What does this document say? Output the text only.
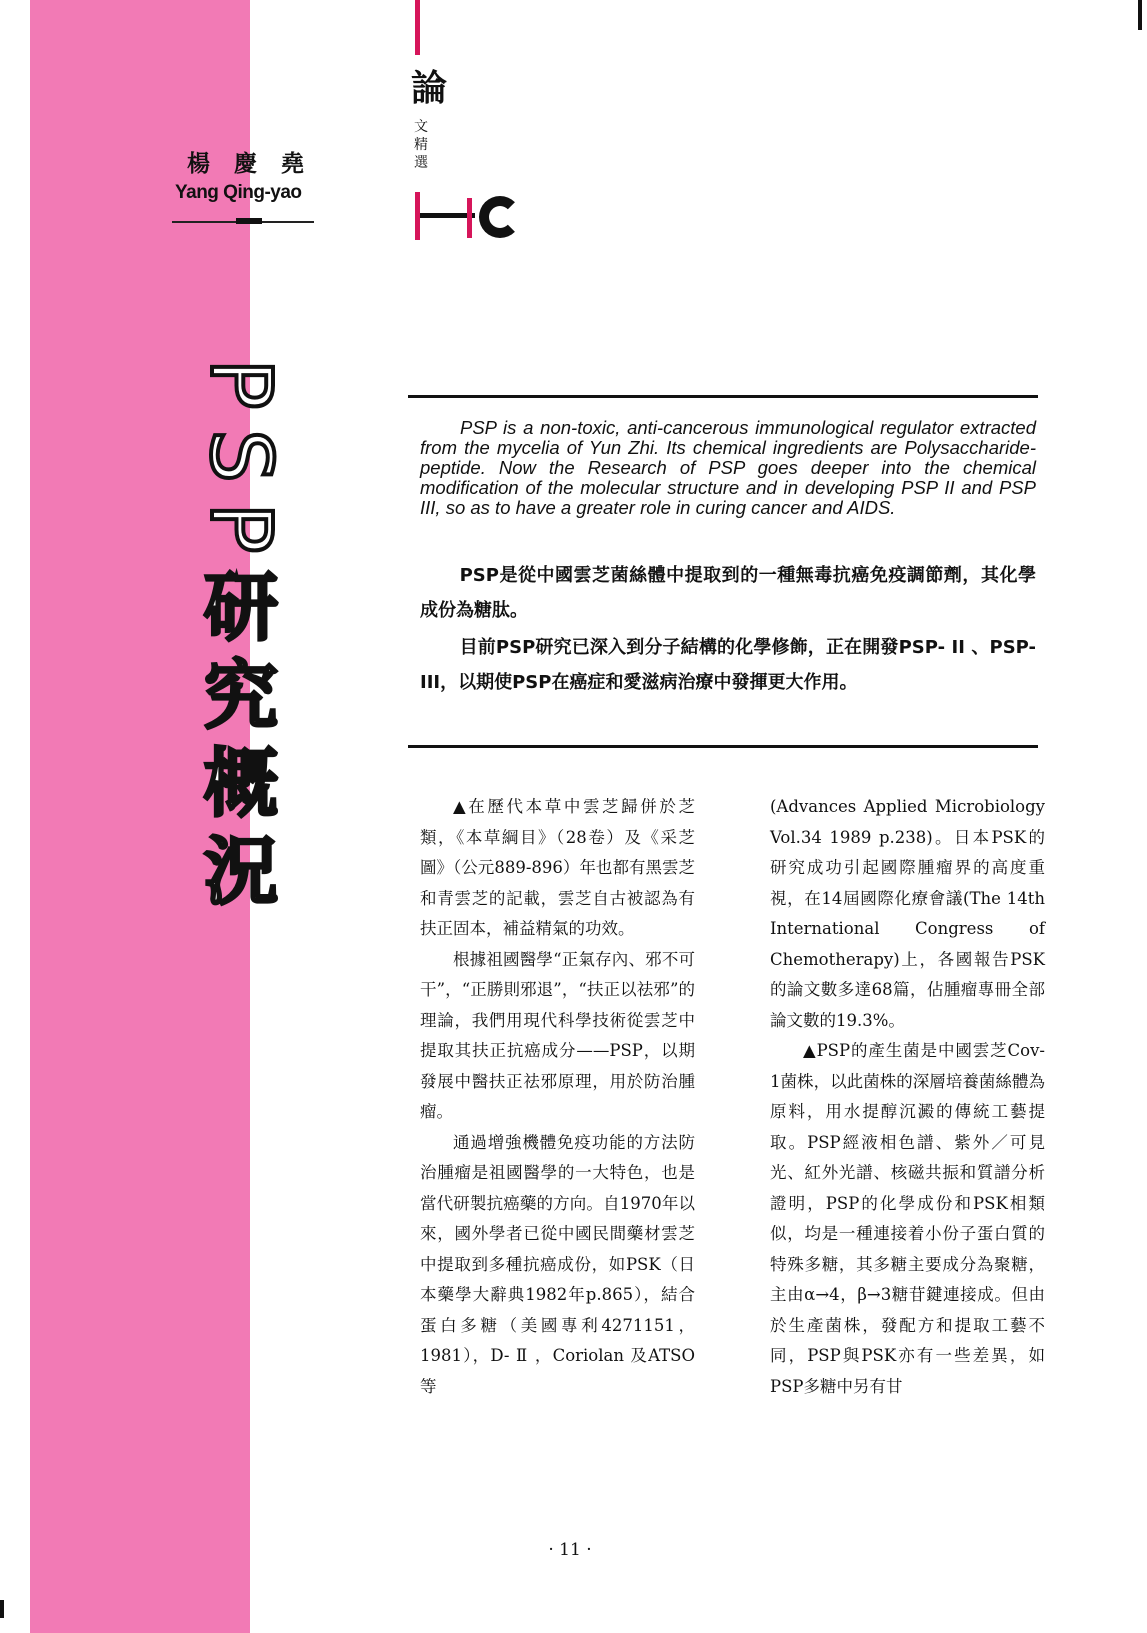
楊 慶 堯
Yang Qing-yao
P
S
P
研
究
概
況
論
文精選
PSP is a non-toxic, anti-cancerous immunological regulator extracted from the mycelia of Yun Zhi. Its chemical ingredients are Polysaccharide-peptide. Now the Research of PSP goes deeper into the chemical modification of the molecular structure and in developing PSP II and PSP III, so as to have a greater role in curing cancer and AIDS.

PSP是從中國雲芝菌絲體中提取到的一種無毒抗癌免疫調節劑，其化學成份為糖肽。

目前PSP研究已深入到分子結構的化學修飾，正在開發PSP- II 、PSP- III，以期使PSP在癌症和愛滋病治療中發揮更大作用。

▲在歷代本草中雲芝歸併於芝類，《本草綱目》（28卷）及《采芝圖》（公元889-896）年也都有黑雲芝和青雲芝的記載，雲芝自古被認為有扶正固本，補益精氣的功效。

根據祖國醫學“正氣存內、邪不可干”，“正勝則邪退”，“扶正以祛邪”的理論，我們用現代科學技術從雲芝中提取其扶正抗癌成分——PSP，以期發展中醫扶正祛邪原理，用於防治腫瘤。

通過增強機體免疫功能的方法防治腫瘤是祖國醫學的一大特色，也是當代研製抗癌藥的方向。自1970年以來，國外學者已從中國民間藥材雲芝中提取到多種抗癌成份，如PSK（日本藥學大辭典1982年p.865），結合蛋白多糖（美國專利4271151，1981），D- Ⅱ ，Coriolan 及ATSO 等

(Advances Applied Microbiology Vol.34 1989 p.238)。日本PSK的研究成功引起國際腫瘤界的高度重視，在14屆國際化療會議(The 14th International Congress of Chemotherapy)上，各國報告PSK的論文數多達68篇，佔腫瘤專冊全部論文數的19.3%。

▲PSP的產生菌是中國雲芝Cov-1菌株，以此菌株的深層培養菌絲體為原料，用水提醇沉澱的傳統工藝提取。PSP經液相色譜、紫外／可見光、紅外光譜、核磁共振和質譜分析證明，PSP的化學成份和PSK相類似，均是一種連接着小份子蛋白質的特殊多糖，其多糖主要成分為聚糖，主由α→4，β→3糖苷鍵連接成。但由於生產菌株，發配方和提取工藝不同，PSP與PSK亦有一些差異，如PSP多糖中另有甘

· 11 ·
